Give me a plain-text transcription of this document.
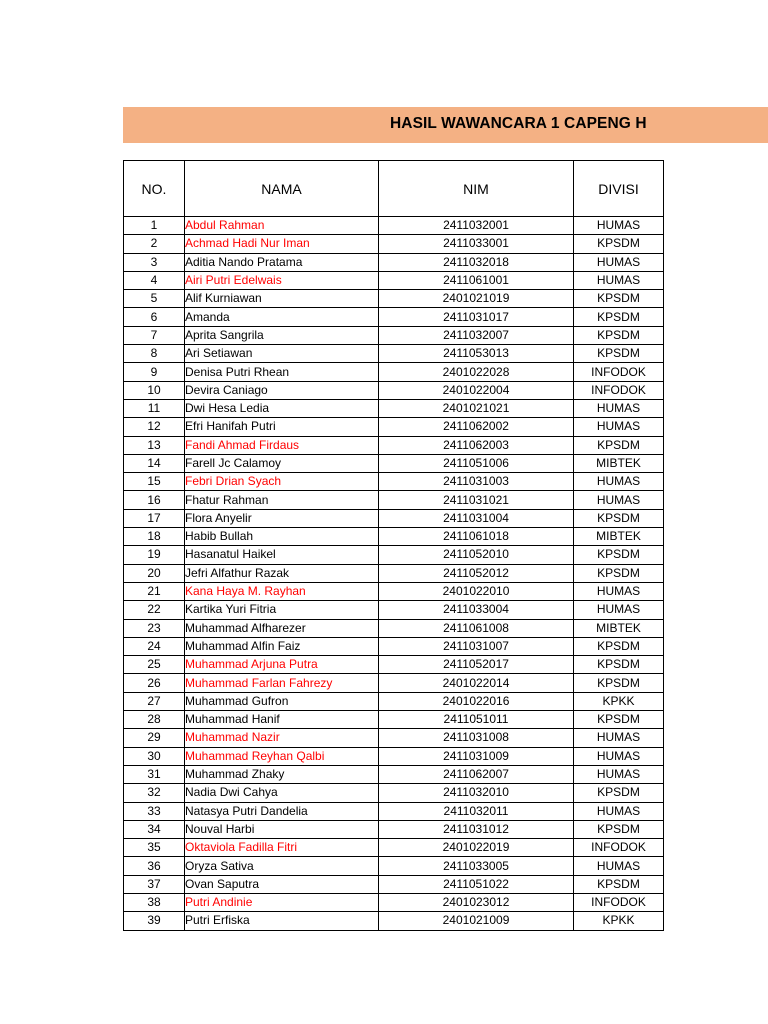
HASIL WAWANCARA 1 CAPENG H
NO.	NAMA	NIM	DIVISI
1	Abdul Rahman	2411032001	HUMAS
2	Achmad Hadi Nur Iman	2411033001	KPSDM
3	Aditia Nando Pratama	2411032018	HUMAS
4	Airi Putri Edelwais	2411061001	HUMAS
5	Alif Kurniawan	2401021019	KPSDM
6	Amanda	2411031017	KPSDM
7	Aprita Sangrila	2411032007	KPSDM
8	Ari Setiawan	2411053013	KPSDM
9	Denisa Putri Rhean	2401022028	INFODOK
10	Devira Caniago	2401022004	INFODOK
11	Dwi Hesa Ledia	2401021021	HUMAS
12	Efri Hanifah Putri	2411062002	HUMAS
13	Fandi Ahmad Firdaus	2411062003	KPSDM
14	Farell Jc Calamoy	2411051006	MIBTEK
15	Febri Drian Syach	2411031003	HUMAS
16	Fhatur Rahman	2411031021	HUMAS
17	Flora Anyelir	2411031004	KPSDM
18	Habib Bullah	2411061018	MIBTEK
19	Hasanatul Haikel	2411052010	KPSDM
20	Jefri Alfathur Razak	2411052012	KPSDM
21	Kana Haya M. Rayhan	2401022010	HUMAS
22	Kartika Yuri Fitria	2411033004	HUMAS
23	Muhammad Alfharezer	2411061008	MIBTEK
24	Muhammad Alfin Faiz	2411031007	KPSDM
25	Muhammad Arjuna Putra	2411052017	KPSDM
26	Muhammad Farlan Fahrezy	2401022014	KPSDM
27	Muhammad Gufron	2401022016	KPKK
28	Muhammad Hanif	2411051011	KPSDM
29	Muhammad Nazir	2411031008	HUMAS
30	Muhammad Reyhan Qalbi	2411031009	HUMAS
31	Muhammad Zhaky	2411062007	HUMAS
32	Nadia Dwi Cahya	2411032010	KPSDM
33	Natasya Putri Dandelia	2411032011	HUMAS
34	Nouval Harbi	2411031012	KPSDM
35	Oktaviola Fadilla Fitri	2401022019	INFODOK
36	Oryza Sativa	2411033005	HUMAS
37	Ovan Saputra	2411051022	KPSDM
38	Putri Andinie	2401023012	INFODOK
39	Putri Erfiska	2401021009	KPKK
